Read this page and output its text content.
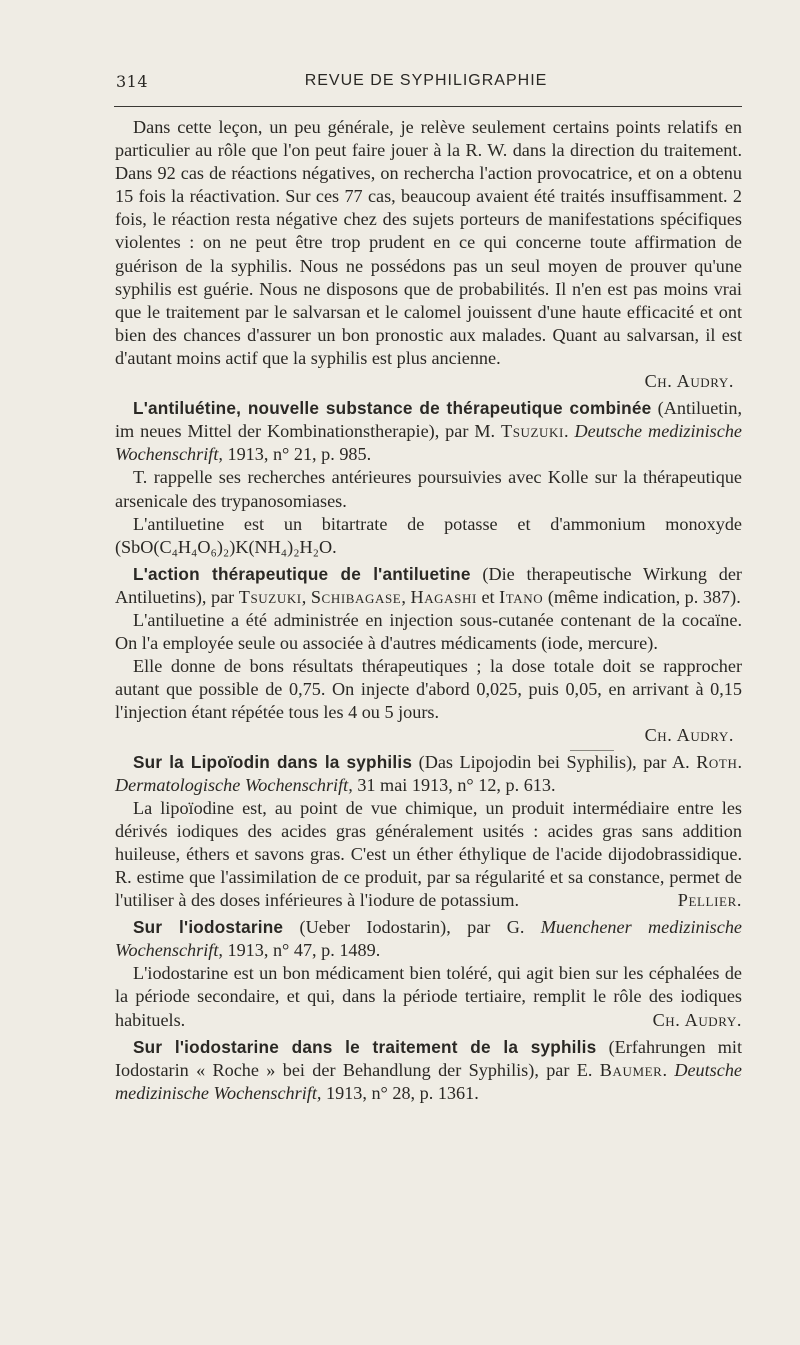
314	REVUE DE SYPHILIGRAPHIE

Dans cette leçon, un peu générale, je relève seulement certains points relatifs en particulier au rôle que l'on peut faire jouer à la R. W. dans la direction du traitement. Dans 92 cas de réactions négatives, on rechercha l'action provocatrice, et on a obtenu 15 fois la réactivation. Sur ces 77 cas, beaucoup avaient été traités insuffisamment. 2 fois, le réaction resta négative chez des sujets porteurs de manifestations spécifiques violentes : on ne peut être trop prudent en ce qui concerne toute affirmation de guérison de la syphilis. Nous ne possédons pas un seul moyen de prouver qu'une syphilis est guérie. Nous ne disposons que de probabilités. Il n'en est pas moins vrai que le traitement par le salvarsan et le calomel jouissent d'une haute efficacité et ont bien des chances d'assurer un bon pronostic aux malades. Quant au salvarsan, il est d'autant moins actif que la syphilis est plus ancienne.

Ch. Audry.

L'antiluétine, nouvelle substance de thérapeutique combinée (Antiluetin, im neues Mittel der Kombinationstherapie), par M. Tsuzuki. Deutsche medizinische Wochenschrift, 1913, n° 21, p. 985.

T. rappelle ses recherches antérieures poursuivies avec Kolle sur la thérapeutique arsenicale des trypanosomiases.

L'antiluetine est un bitartrate de potasse et d'ammonium monoxyde (SbO(C₄H₄O₆)₂)K(NH₄)₂H₂O.

L'action thérapeutique de l'antiluetine (Die therapeutische Wirkung der Antiluetins), par Tsuzuki, Schibagase, Hagashi et Itano (même indication, p. 387).

L'antiluetine a été administrée en injection sous-cutanée contenant de la cocaïne. On l'a employée seule ou associée à d'autres médicaments (iode, mercure).

Elle donne de bons résultats thérapeutiques ; la dose totale doit se rapprocher autant que possible de 0,75. On injecte d'abord 0,025, puis 0,05, en arrivant à 0,15 l'injection étant répétée tous les 4 ou 5 jours.

Ch. Audry.

Sur la Lipoïodin dans la syphilis (Das Lipojodin bei Syphilis), par A. Roth. Dermatologische Wochenschrift, 31 mai 1913, n° 12, p. 613.

La lipoïodine est, au point de vue chimique, un produit intermédiaire entre les dérivés iodiques des acides gras généralement usités : acides gras sans addition huileuse, éthers et savons gras. C'est un éther éthylique de l'acide dijodobrassidique. R. estime que l'assimilation de ce produit, par sa régularité et sa constance, permet de l'utiliser à des doses inférieures à l'iodure de potassium.	Pellier.

Sur l'iodostarine (Ueber Iodostarin), par G. Muenchener medizinische Wochenschrift, 1913, n° 47, p. 1489.

L'iodostarine est un bon médicament bien toléré, qui agit bien sur les céphalées de la période secondaire, et qui, dans la période tertiaire, remplit le rôle des iodiques habituels.	Ch. Audry.

Sur l'iodostarine dans le traitement de la syphilis (Erfahrungen mit Iodostarin « Roche » bei der Behandlung der Syphilis), par E. Baumer. Deutsche medizinische Wochenschrift, 1913, n° 28, p. 1361.
